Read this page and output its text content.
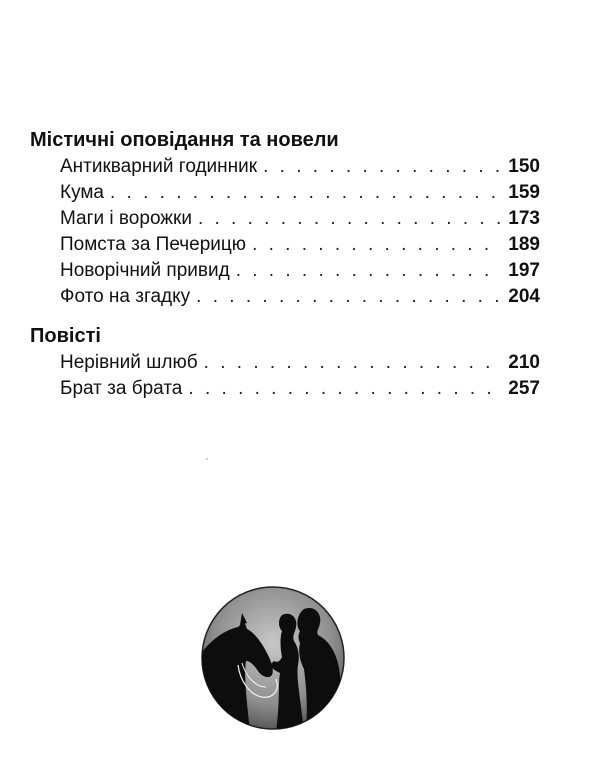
Містичні оповідання та новели
Антикварний годинник . . .	150
Кума . . .	159
Маги і ворожки . . .	173
Помста за Печерицю . . .	189
Новорічний привид . . .	197
Фото на згадку . . .	204
Повісті
Нерівний шлюб . . .	210
Брат за брата . . .	257
